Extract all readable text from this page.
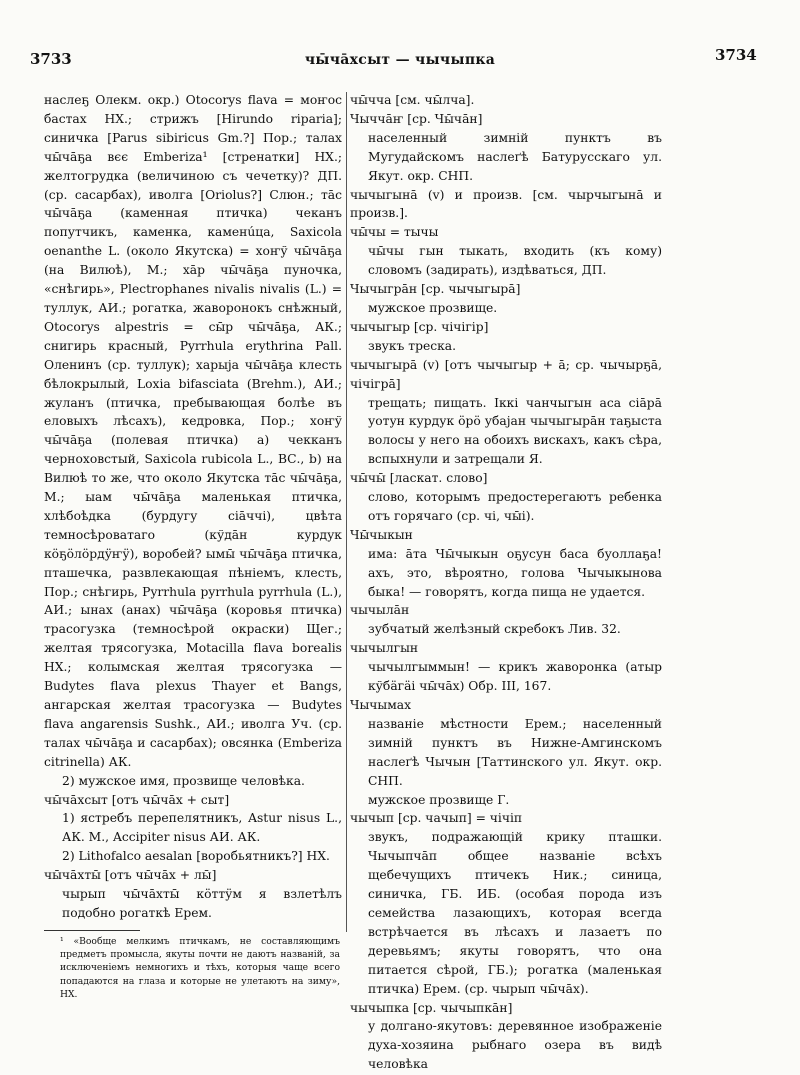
3733	чы̄чāхсыт — чычыпка	3734

наслеҕ Олекм. окр.) Otocorys flava = моҥос бастах НХ.; стрижъ [Hirundo riparia]; синичка [Parus sibiricus Gm.?] Пор.; талах чы̄чāҕа вєє Emberiza¹ [стренатки] НХ.; желтогрудка (величиною съ чечетку)? ДП. (ср. сасарбах), иволга [Oriolus?] Слюн.; тāс чы̄чāҕа (каменная птичка) чеканъ попутчикъ, каменка, каменúца, Saxicola oenanthe L. (около Якутска) = хоҥў чы̄чāҕа (на Вилюѣ), М.; хāр чы̄чāҕа пуночка, «снѣгирь», Plectrophanes nivalis nivalis (L.) = туллук, АИ.; рогатка, жаворонокъ снѣжный, Otocorys alpestris = сы̄р чы̄чāҕа, АК.; снигирь красный, Pyrrhula erythrina Pall. Оленинъ (ср. туллук); харыја чы̄чāҕа клесть бѣлокрылый, Loxia bifasciata (Brehm.), АИ.; жуланъ (птичка, пребывающая болѣе въ еловыхъ лѣсахъ), кедровка, Пор.; хоҥў чы̄чāҕа (полевая птичка) а) чекканъ черноховстый, Saxicola rubicola L., ВС., b) на Вилюѣ то же, что около Якутска тāс чы̄чāҕа, М.; ыам чы̄чāҕа маленькая птичка, хлѣбоѣдка (бурдугу сіāччі), цвѣта темносѣроватаго (кўдāн курдук кӧҕӧлӧрдӱҥӱ), воробей? ымы̄ чы̄чāҕа птичка, пташечка, развлекающая пѣніемъ, клесть, Пор.; снѣгирь, Pyrrhula pyrrhula pyrrhula (L.), АИ.; ынах (анах) чы̄чāҕа (коровья птичка) трасогузка (темносѣрой окраски) Щег.; желтая трясогузка, Motacilla flava borealis НХ.; колымская желтая трясогузка — Budytes flava plexus Thayer et Bangs, ангарская желтая трасогузка — Budytes flava angarensis Sushk., АИ.; иволга Уч. (ср. талах чы̄чāҕа и сасарбах); овсянка (Emberiza citrinella) АК.

2) мужское имя, прозвище человѣка.

чы̄чāхсыт [отъ чы̄чāх + сыт]

1) ястребъ перепелятникъ, Astur nisus L., АК. М., Accipiter nisus АИ. АК.

2) Lithofalco aesalan [воробьятникъ?] НХ.

чы̄чāхты̄ [отъ чы̄чāх + лы̄]

чырып чы̄чāхты̄ кӧттӱм я взлетѣлъ подобно рогаткѣ Ерем.

чы̄чча [см. чы̄лча].

Чычча̄ҥ [ср. Чы̄чāн]

населенный зимній пунктъ въ Мугудайскомъ наслеґѣ Батурусскаго ул. Якут. окр. СНП.

чычыгынā (v) и произв. [см. чырчыгынā и произв.].

чы̄чы = тычы

чы̄чы гын тыкать, входить (къ кому) словомъ (задирать), издѣваться, ДП.

Чычыгрāн [ср. чычыгырā]

мужское прозвище.

чычыгыр [ср. чічігір]

звукъ треска.

чычыгырā (v) [отъ чычыгыр + ā; ср. чычырҕā, чічігрā]

трещать; пищать. Іккі чанчыгын аса сіāрā уотун курдук ӧрӧ убајан чычыгырāн таҕыста волосы у него на обоихъ вискахъ, какъ сѣра, вспыхнули и затрещали Я.

чы̄чы̄ [ласкат. слово]

слово, которымъ предостерегаютъ ребенка отъ горячаго (ср. чі, чы̄і).

Чы̄чыкын

има: āта Чы̄чыкын оҕусун баса буоллаҕа! ахъ, это, вѣроятно, голова Чычыкынова быка! — говорятъ, когда пища не удается.

чычылāн

зубчатый желѣзный скребокъ Лив. 32.

чычылгын

чычылгыммын! — крикъ жаворонка (атыр кўбӓгӓі чы̄чāх) Обр. III, 167.

Чычымах

названіе мѣстности Ерем.; населенный зимній пунктъ въ Нижне-Амгинскомъ наслеґѣ Чычын [Таттинского ул. Якут. окр. СНП.

мужское прозвище Г.

чычып [ср. чачып] = чічіп

звукъ, подражающій крику пташки. Чычыпчāп общее названіе всѣхъ щебечущихъ птичекъ Ник.; синица, синичка, ГБ. ИБ. (особая порода изъ семейства лазающихъ, которая всегда встрѣчается въ лѣсахъ и лазаетъ по деревьямъ; якуты говорятъ, что она питается сѣрой, ГБ.); рогатка (маленькая птичка) Ерем. (ср. чырып чы̄чāх).

чычыпка [ср. чычыпкāн]

у долгано-якутовъ: деревянное изображеніе духа-хозяина рыбнаго озера въ видѣ человѣка

¹ «Вообще мелкимъ птичкамъ, не составляющимъ предметъ промысла, якуты почти не даютъ названій, за исключеніемъ немногихъ и тѣхъ, которыя чаще всего попадаются на глаза и которые не улетаютъ на зиму», НХ.
